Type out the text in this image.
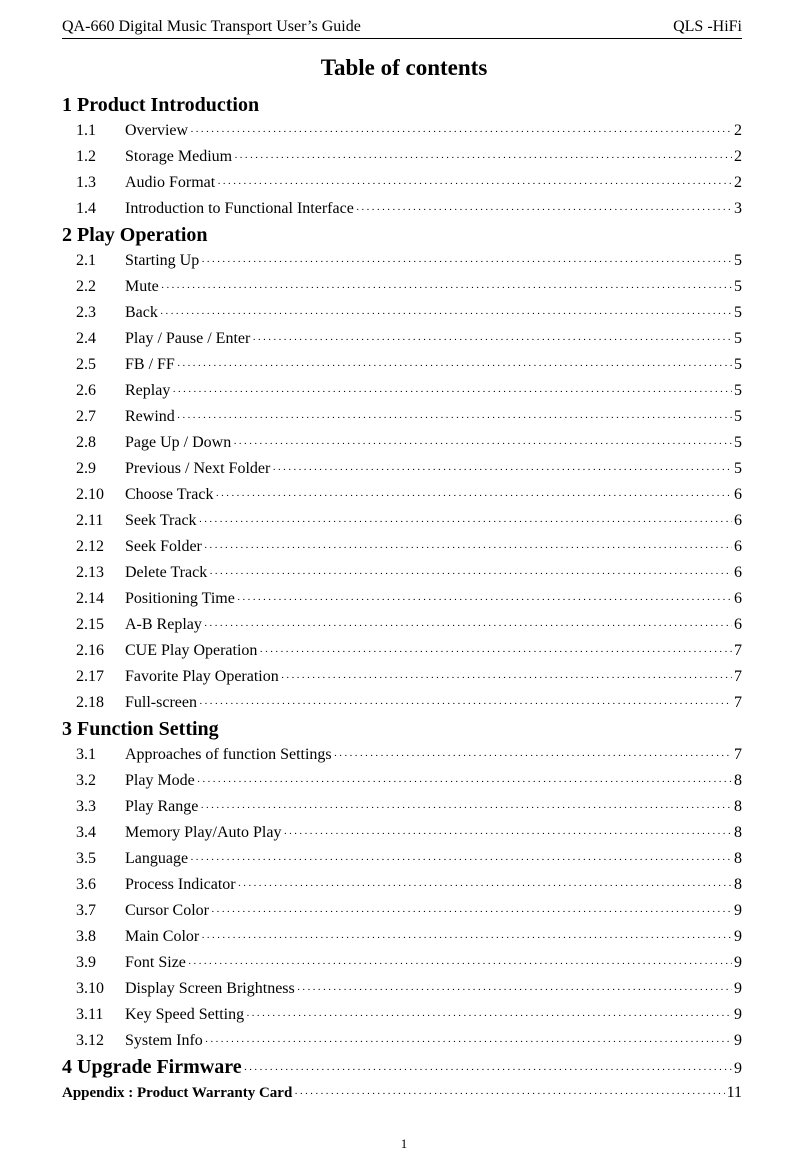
QA-660 Digital Music Transport User’s Guide	QLS -HiFi
Table of contents
1 Product Introduction
1.1	Overview ·····	2
1.2	Storage Medium ·····	2
1.3	Audio Format ·····	2
1.4	Introduction to Functional Interface ·····	3
2 Play Operation
2.1	Starting Up ·····	5
2.2	Mute ·····	5
2.3	Back ·····	5
2.4	Play / Pause / Enter ·····	5
2.5	FB / FF ·····	5
2.6	Replay ·····	5
2.7	Rewind ·····	5
2.8	Page Up / Down ·····	5
2.9	Previous / Next Folder ·····	5
2.10	Choose Track ·····	6
2.11	Seek Track ·····	6
2.12	Seek Folder ·····	6
2.13	Delete Track ·····	6
2.14	Positioning Time ·····	6
2.15	A-B Replay ·····	6
2.16	CUE Play Operation ·····	7
2.17	Favorite Play Operation ·····	7
2.18	Full-screen ·····	7
3 Function Setting
3.1	Approaches of function Settings ·····	7
3.2	Play Mode ·····	8
3.3	Play Range ·····	8
3.4	Memory Play/Auto Play ·····	8
3.5	Language ·····	8
3.6	Process Indicator ·····	8
3.7	Cursor Color ·····	9
3.8	Main Color ·····	9
3.9	Font Size ·····	9
3.10	Display Screen Brightness ·····	9
3.11	Key Speed Setting ·····	9
3.12	System Info ·····	9
4 Upgrade Firmware ·····	9
Appendix : Product Warranty Card ·····	11
1
